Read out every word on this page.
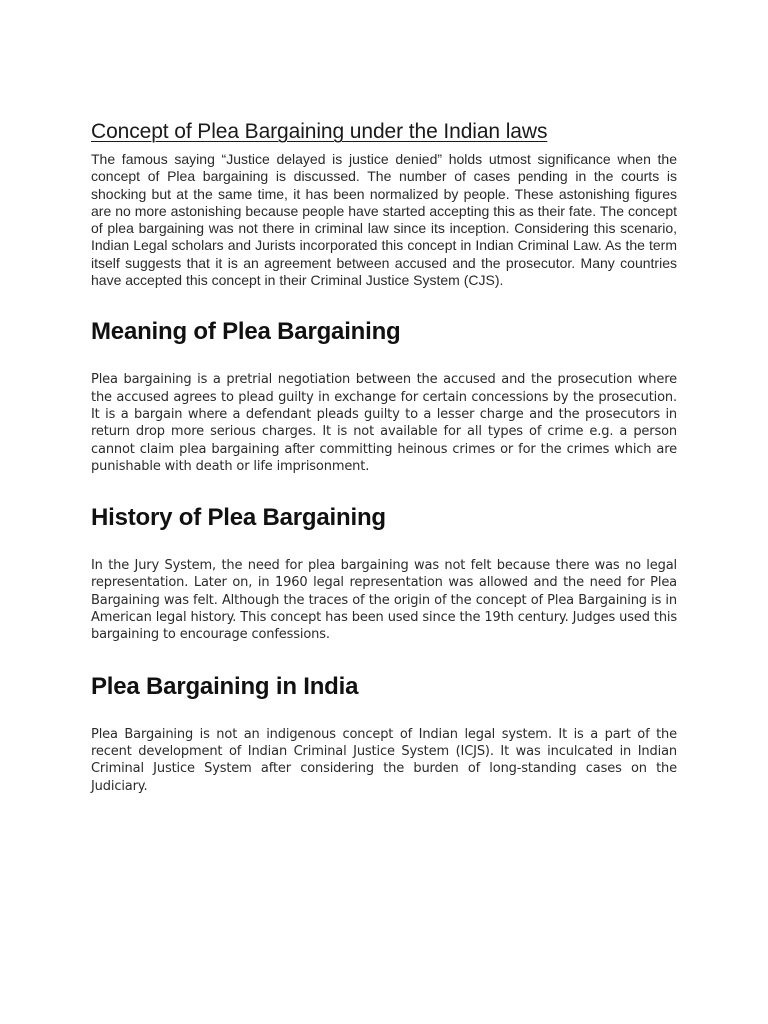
Concept of Plea Bargaining under the Indian laws

The famous saying “Justice delayed is justice denied” holds utmost significance when the concept of Plea bargaining is discussed. The number of cases pending in the courts is shocking but at the same time, it has been normalized by people. These astonishing figures are no more astonishing because people have started accepting this as their fate. The concept of plea bargaining was not there in criminal law since its inception. Considering this scenario, Indian Legal scholars and Jurists incorporated this concept in Indian Criminal Law. As the term itself suggests that it is an agreement between accused and the prosecutor. Many countries have accepted this concept in their Criminal Justice System (CJS).

Meaning of Plea Bargaining

Plea bargaining is a pretrial negotiation between the accused and the prosecution where the accused agrees to plead guilty in exchange for certain concessions by the prosecution. It is a bargain where a defendant pleads guilty to a lesser charge and the prosecutors in return drop more serious charges. It is not available for all types of crime e.g. a person cannot claim plea bargaining after committing heinous crimes or for the crimes which are punishable with death or life imprisonment.

History of Plea Bargaining

In the Jury System, the need for plea bargaining was not felt because there was no legal representation. Later on, in 1960 legal representation was allowed and the need for Plea Bargaining was felt. Although the traces of the origin of the concept of Plea Bargaining is in American legal history. This concept has been used since the 19th century. Judges used this bargaining to encourage confessions.

Plea Bargaining in India

Plea Bargaining is not an indigenous concept of Indian legal system. It is a part of the recent development of Indian Criminal Justice System (ICJS). It was inculcated in Indian Criminal Justice System after considering the burden of long-standing cases on the Judiciary.
